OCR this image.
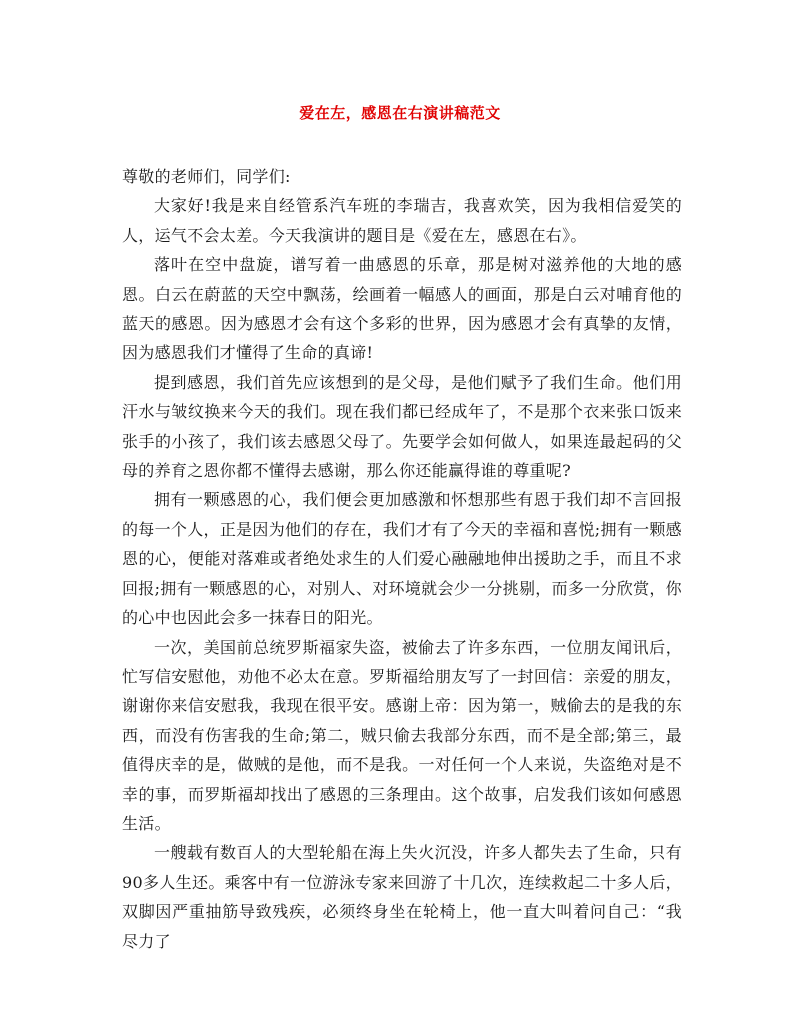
爱在左，感恩在右演讲稿范文

尊敬的老师们，同学们:

大家好!我是来自经管系汽车班的李瑞吉，我喜欢笑，因为我相信爱笑的人，运气不会太差。今天我演讲的题目是《爱在左，感恩在右》。

落叶在空中盘旋，谱写着一曲感恩的乐章，那是树对滋养他的大地的感恩。白云在蔚蓝的天空中飘荡，绘画着一幅感人的画面，那是白云对哺育他的蓝天的感恩。因为感恩才会有这个多彩的世界，因为感恩才会有真挚的友情，因为感恩我们才懂得了生命的真谛!

提到感恩，我们首先应该想到的是父母，是他们赋予了我们生命。他们用汗水与皱纹换来今天的我们。现在我们都已经成年了，不是那个衣来张口饭来张手的小孩了，我们该去感恩父母了。先要学会如何做人，如果连最起码的父母的养育之恩你都不懂得去感谢，那么你还能赢得谁的尊重呢?

拥有一颗感恩的心，我们便会更加感激和怀想那些有恩于我们却不言回报的每一个人，正是因为他们的存在，我们才有了今天的幸福和喜悦;拥有一颗感恩的心，便能对落难或者绝处求生的人们爱心融融地伸出援助之手，而且不求回报;拥有一颗感恩的心，对别人、对环境就会少一分挑剔，而多一分欣赏，你的心中也因此会多一抹春日的阳光。

一次，美国前总统罗斯福家失盗，被偷去了许多东西，一位朋友闻讯后，忙写信安慰他，劝他不必太在意。罗斯福给朋友写了一封回信：亲爱的朋友，谢谢你来信安慰我，我现在很平安。感谢上帝：因为第一，贼偷去的是我的东西，而没有伤害我的生命;第二，贼只偷去我部分东西，而不是全部;第三，最值得庆幸的是，做贼的是他，而不是我。一对任何一个人来说，失盗绝对是不幸的事，而罗斯福却找出了感恩的三条理由。这个故事，启发我们该如何感恩生活。

一艘载有数百人的大型轮船在海上失火沉没，许多人都失去了生命，只有90多人生还。乘客中有一位游泳专家来回游了十几次，连续救起二十多人后，双脚因严重抽筋导致残疾，必须终身坐在轮椅上，他一直大叫着问自己：“我尽力了
